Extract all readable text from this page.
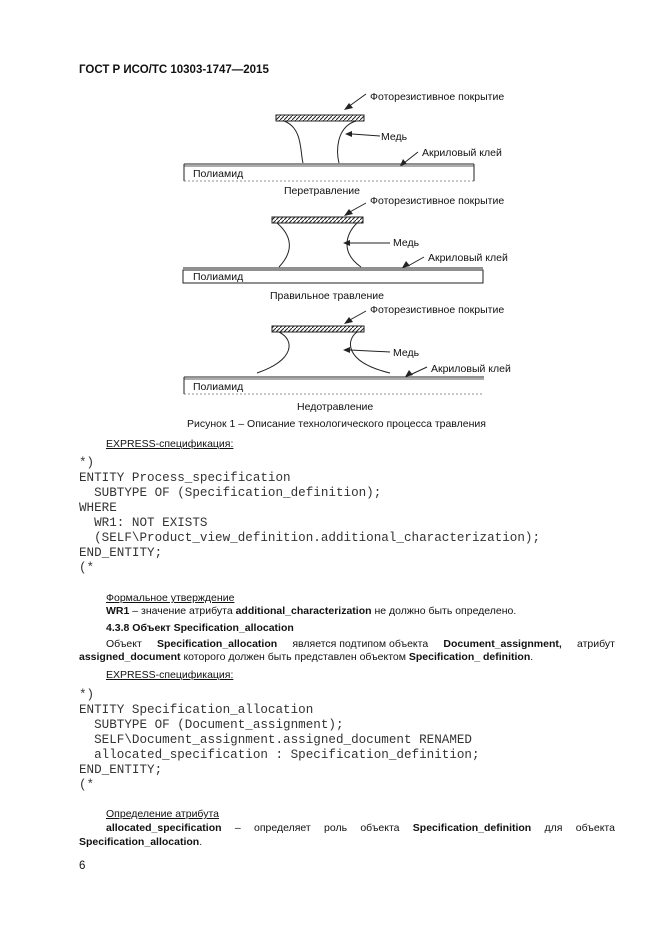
ГОСТ Р ИСО/ТС 10303-1747—2015
Фоторезистивное покрытие
Медь
Акриловый клей
Полиамид
Перетравление
Фоторезистивное покрытие
Медь
Акриловый клей
Полиамид
Правильное травление
Фоторезистивное покрытие
Медь
Акриловый клей
Полиамид
Недотравление
Рисунок 1 – Описание технологического процесса травления
EXPRESS-спецификация:
*)
ENTITY Process_specification
SUBTYPE OF (Specification_definition);
WHERE
WR1: NOT EXISTS
(SELF\Product_view_definition.additional_characterization);
END_ENTITY;
(*
Формальное утверждение
WR1 – значение атрибута additional_characterization не должно быть определено.
4.3.8 Объект Specification_allocation
Объект Specification_allocation является подтипом объекта Document_assignment, атрибут
assigned_document которого должен быть представлен объектом Specification_ definition.
EXPRESS-спецификация:
*)
ENTITY Specification_allocation
SUBTYPE OF (Document_assignment);
SELF\Document_assignment.assigned_document RENAMED
allocated_specification : Specification_definition;
END_ENTITY;
(*
Определение атрибута
allocated_specification – определяет роль объекта Specification_definition для объекта
Specification_allocation.
6
